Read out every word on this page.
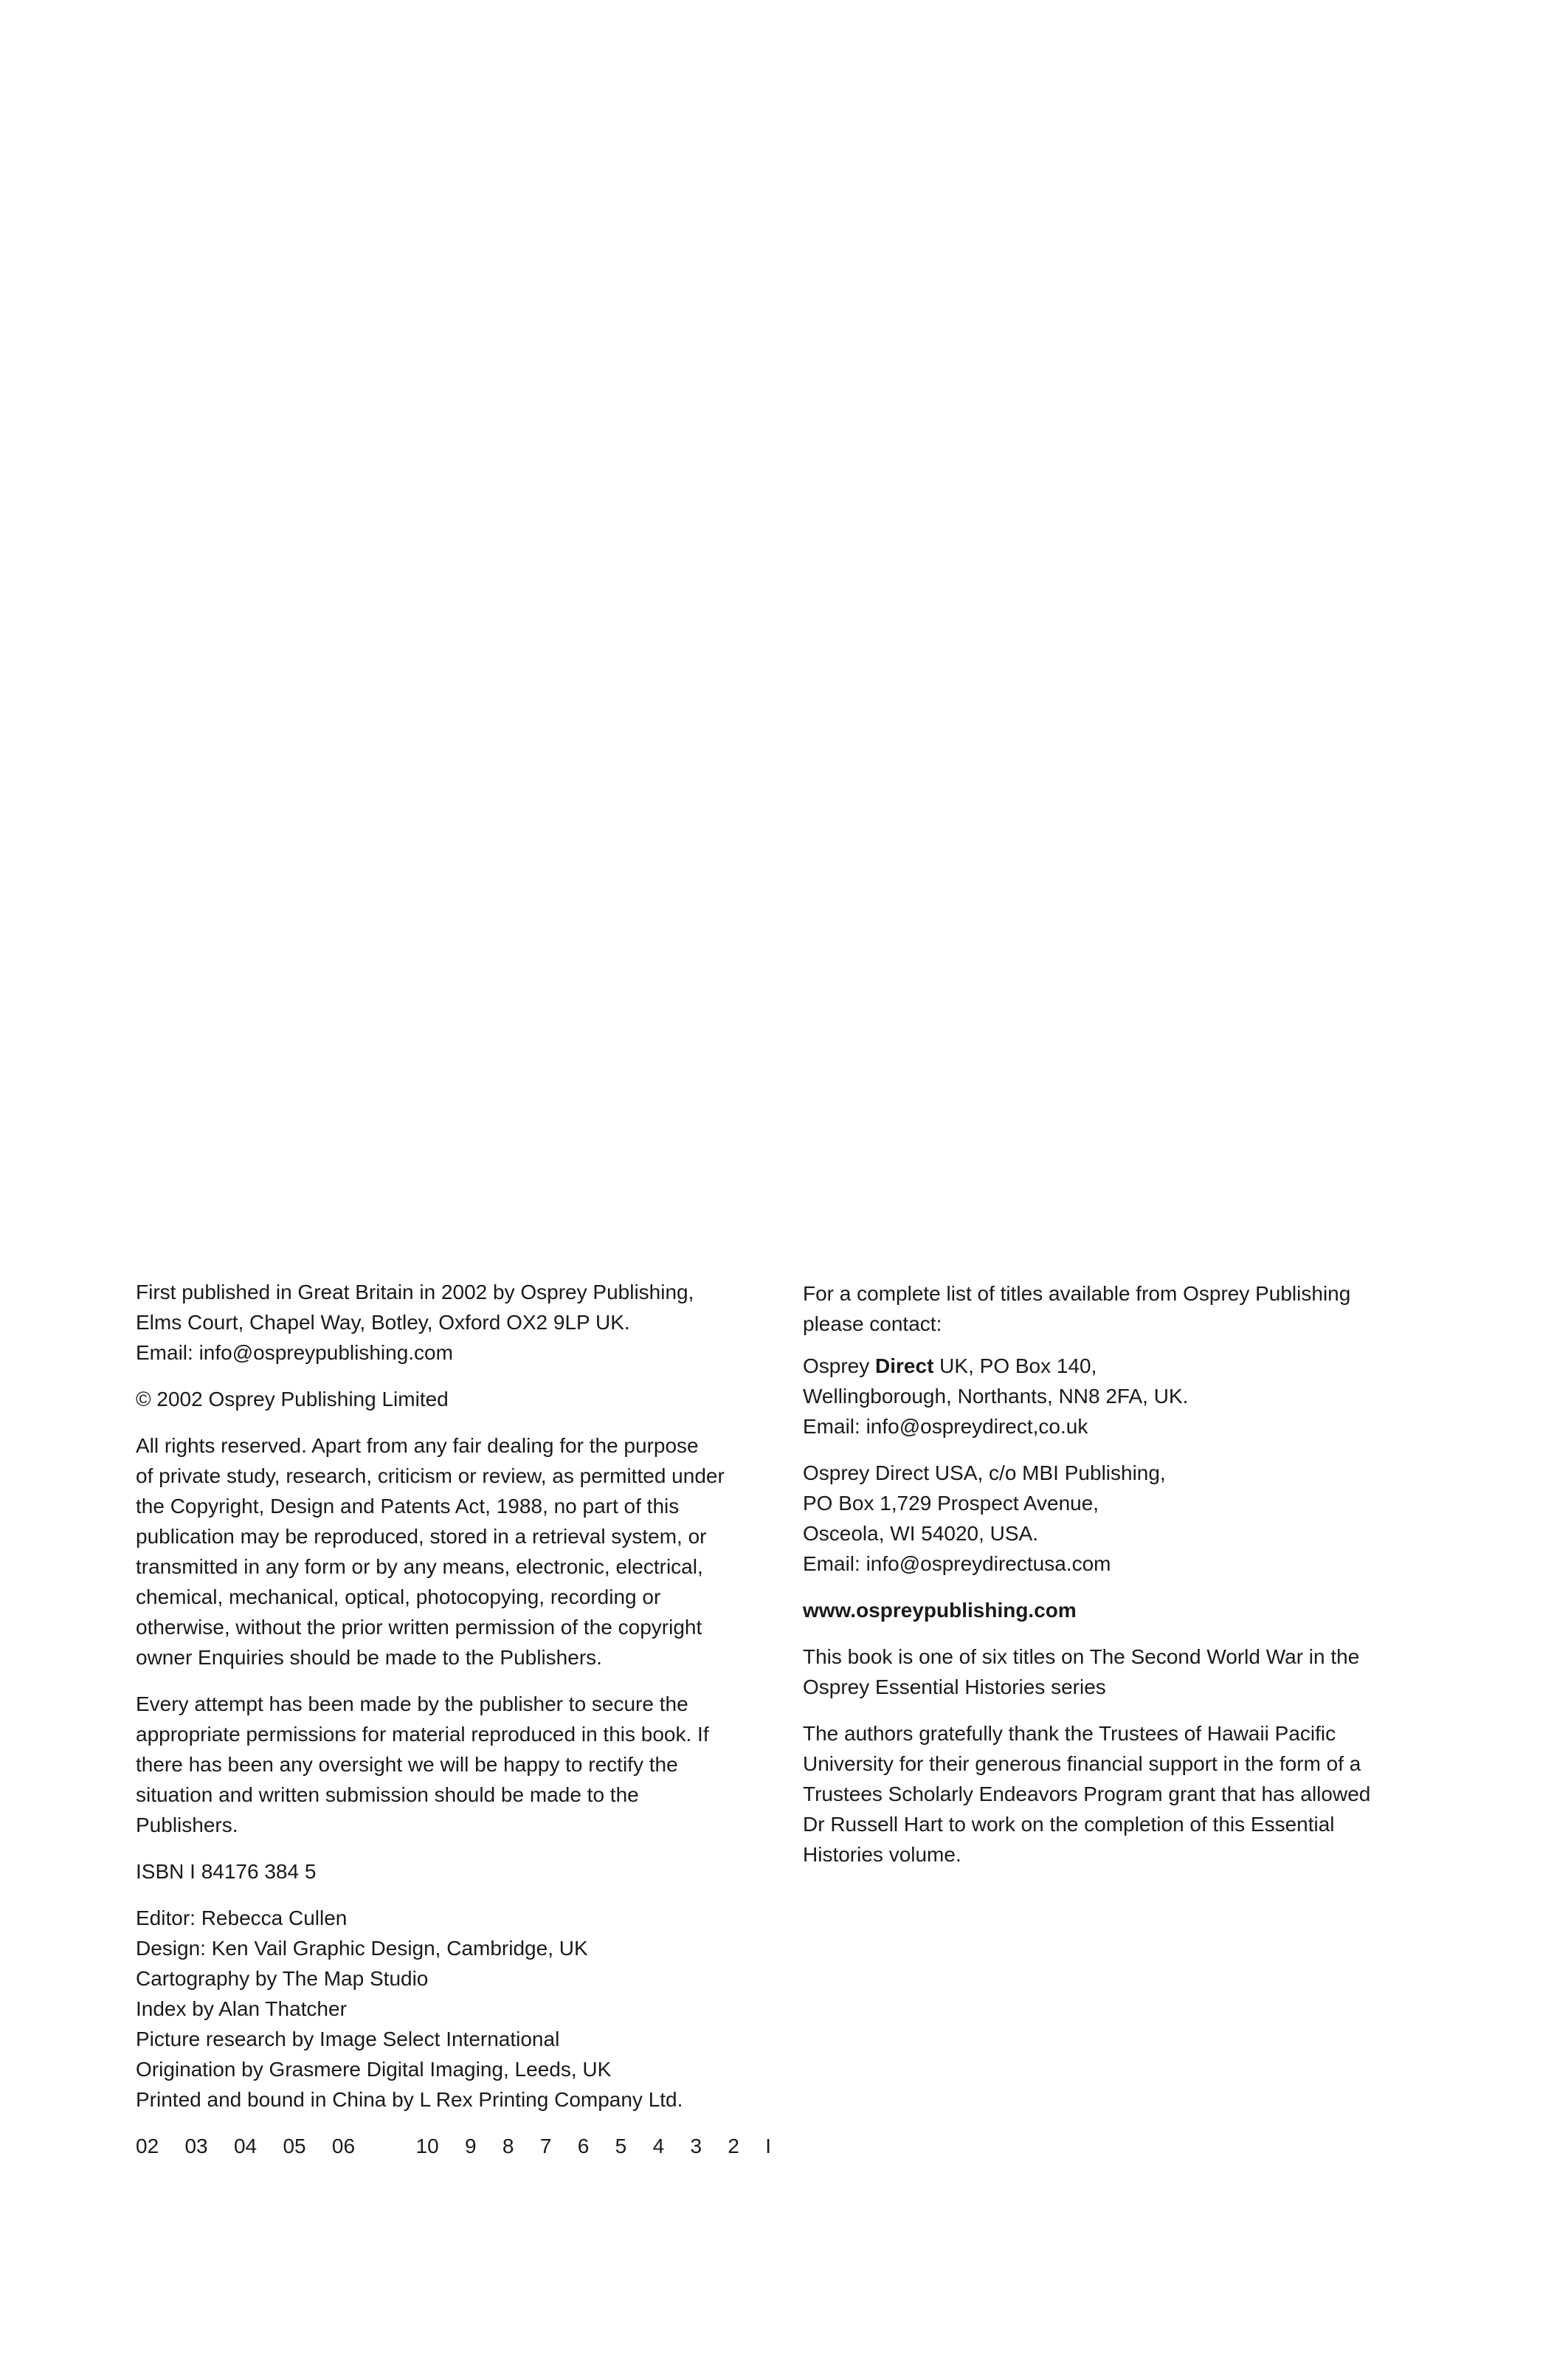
First published in Great Britain in 2002 by Osprey Publishing,
Elms Court, Chapel Way, Botley, Oxford OX2 9LP UK.
Email: info@ospreypublishing.com
© 2002 Osprey Publishing Limited
All rights reserved. Apart from any fair dealing for the purpose
of private study, research, criticism or review, as permitted under
the Copyright, Design and Patents Act, 1988, no part of this
publication may be reproduced, stored in a retrieval system, or
transmitted in any form or by any means, electronic, electrical,
chemical, mechanical, optical, photocopying, recording or
otherwise, without the prior written permission of the copyright
owner Enquiries should be made to the Publishers.
Every attempt has been made by the publisher to secure the
appropriate permissions for material reproduced in this book. If
there has been any oversight we will be happy to rectify the
situation and written submission should be made to the
Publishers.
ISBN I 84176 384 5
Editor: Rebecca Cullen
Design: Ken Vail Graphic Design, Cambridge, UK
Cartography by The Map Studio
Index by Alan Thatcher
Picture research by Image Select International
Origination by Grasmere Digital Imaging, Leeds, UK
Printed and bound in China by L Rex Printing Company Ltd.
02   03   04   05   06       10   9   8   7   6   5   4   3   2   I
For a complete list of titles available from Osprey Publishing
please contact:
Osprey Direct UK, PO Box 140,
Wellingborough, Northants, NN8 2FA, UK.
Email: info@ospreydirect,co.uk
Osprey Direct USA, c/o MBI Publishing,
PO Box 1,729 Prospect Avenue,
Osceola, WI 54020, USA.
Email: info@ospreydirectusa.com
www.ospreypublishing.com
This book is one of six titles on The Second World War in the
Osprey Essential Histories series
The authors gratefully thank the Trustees of Hawaii Pacific
University for their generous financial support in the form of a
Trustees Scholarly Endeavors Program grant that has allowed
Dr Russell Hart to work on the completion of this Essential
Histories volume.
